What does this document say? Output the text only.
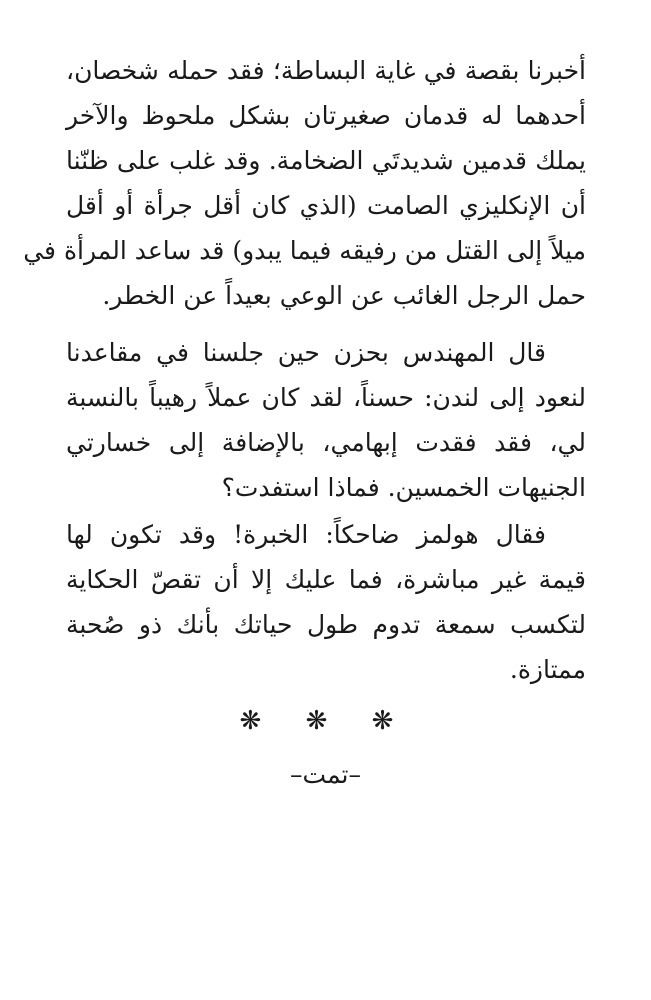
أخبرنا بقصة في غاية البساطة؛ فقد حمله شخصان،
أحدهما له قدمان صغيرتان بشكل ملحوظ والآخر
يملك قدمين شديدتَي الضخامة. وقد غلب على ظنّنا
أن الإنكليزي الصامت (الذي كان أقل جرأة أو أقل
ميلاً إلى القتل من رفيقه فيما يبدو) قد ساعد المرأة في
حمل الرجل الغائب عن الوعي بعيداً عن الخطر.

قال المهندس بحزن حين جلسنا في مقاعدنا
لنعود إلى لندن: حسناً، لقد كان عملاً رهيباً بالنسبة
لي، فقد فقدت إبهامي، بالإضافة إلى خسارتي
الجنيهات الخمسين. فماذا استفدت؟

فقال هولمز ضاحكاً: الخبرة! وقد تكون لها
قيمة غير مباشرة، فما عليك إلا أن تقصّ الحكاية
لتكسب سمعة تدوم طول حياتك بأنك ذو صُحبة
ممتازة.

❋ ❋ ❋
–تمت–
